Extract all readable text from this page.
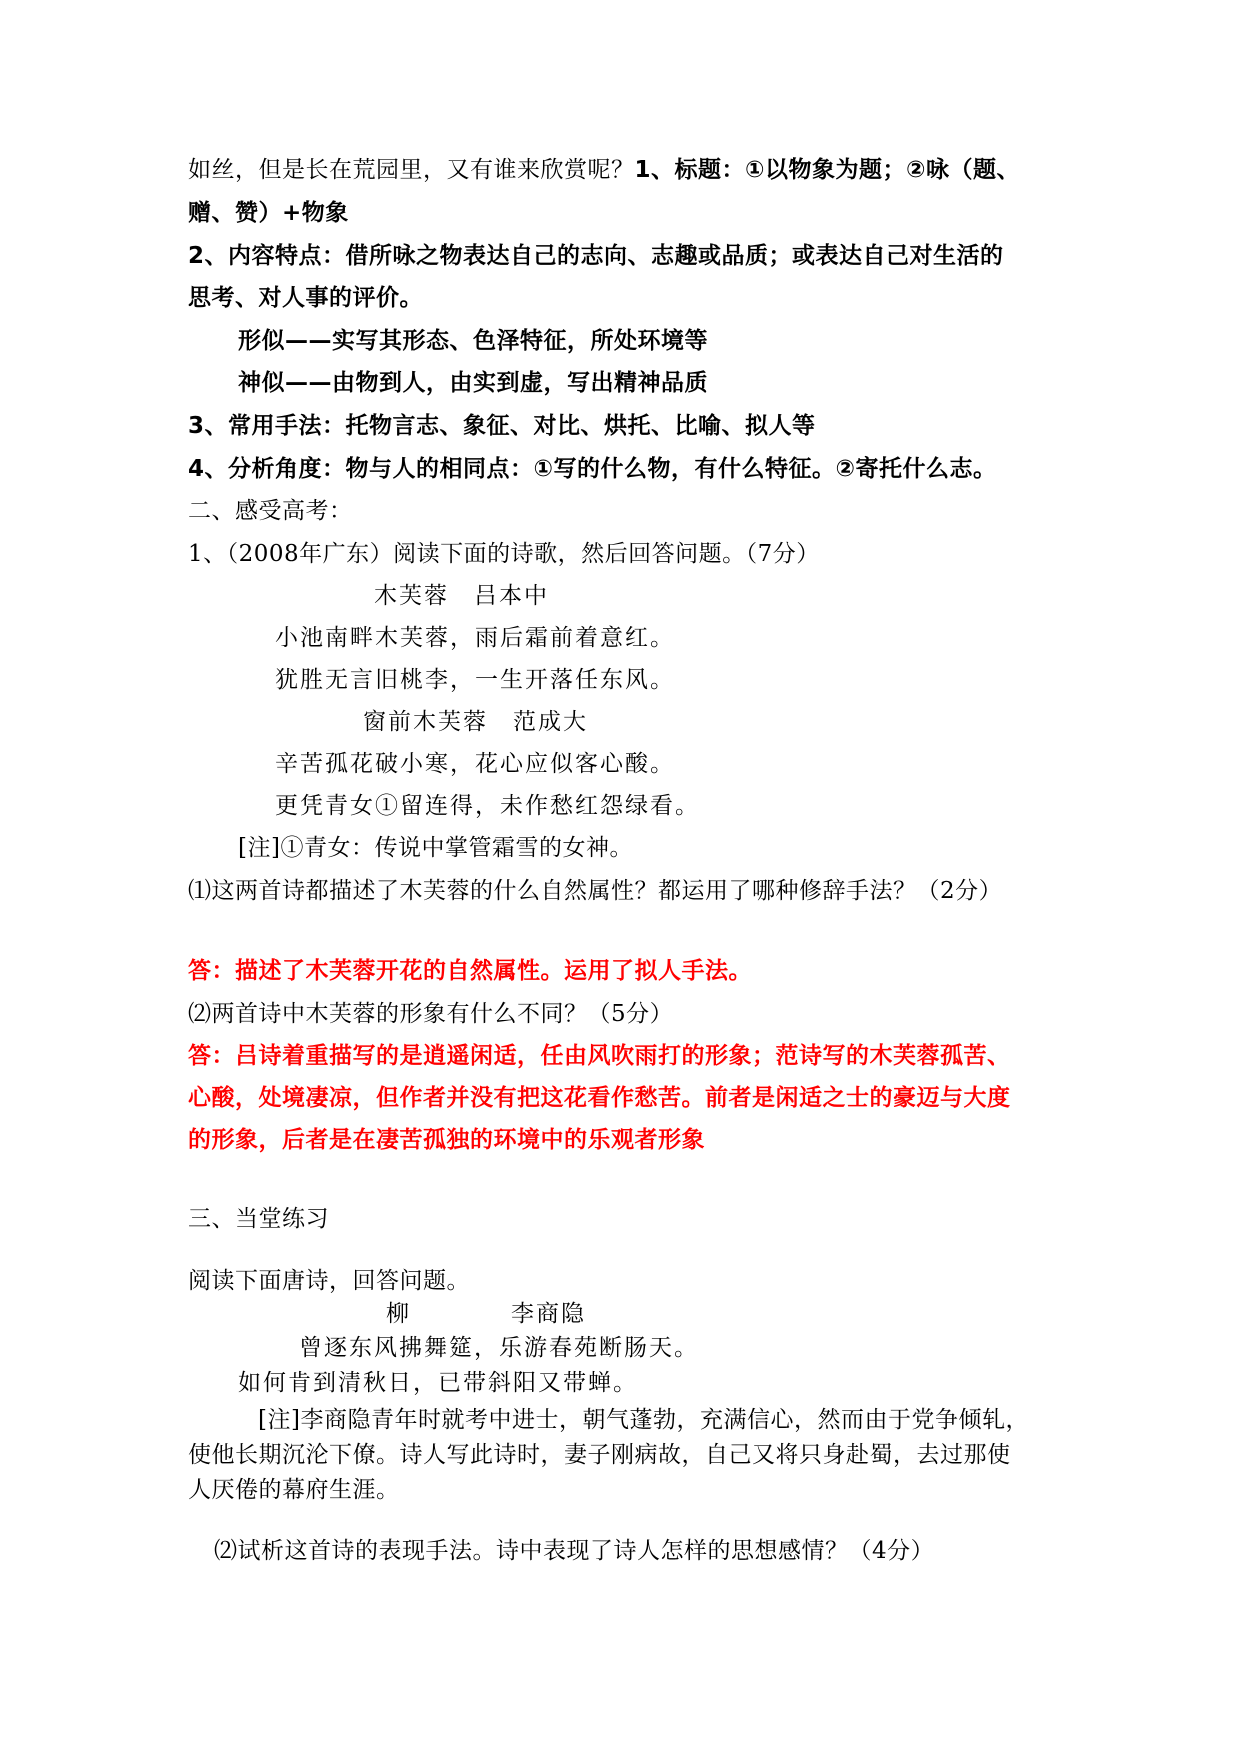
如丝，但是长在荒园里，又有谁来欣赏呢？1、标题：①以物象为题；②咏（题、
赠、赞）+物象
2、内容特点：借所咏之物表达自己的志向、志趣或品质；或表达自己对生活的
思考、对人事的评价。
形似——实写其形态、色泽特征，所处环境等
神似——由物到人，由实到虚，写出精神品质
3、常用手法：托物言志、象征、对比、烘托、比喻、拟人等
4、分析角度：物与人的相同点：①写的什么物，有什么特征。②寄托什么志。
二、感受高考：
1、（2008年广东）阅读下面的诗歌，然后回答问题。（7分）
木芙蓉　吕本中
小池南畔木芙蓉，雨后霜前着意红。
犹胜无言旧桃李，一生开落任东风。
窗前木芙蓉　范成大
辛苦孤花破小寒，花心应似客心酸。
更凭青女①留连得，未作愁红怨绿看。
[注]①青女：传说中掌管霜雪的女神。
⑴这两首诗都描述了木芙蓉的什么自然属性？都运用了哪种修辞手法？（2分）
答：描述了木芙蓉开花的自然属性。运用了拟人手法。
⑵两首诗中木芙蓉的形象有什么不同？（5分）
答：吕诗着重描写的是逍遥闲适，任由风吹雨打的形象；范诗写的木芙蓉孤苦、
心酸，处境凄凉，但作者并没有把这花看作愁苦。前者是闲适之士的豪迈与大度
的形象，后者是在凄苦孤独的环境中的乐观者形象
三、当堂练习
阅读下面唐诗，回答问题。
柳	李商隐
曾逐东风拂舞筵，乐游春苑断肠天。
如何肯到清秋日，已带斜阳又带蝉。
[注]李商隐青年时就考中进士，朝气蓬勃，充满信心，然而由于党争倾轧，
使他长期沉沦下僚。诗人写此诗时，妻子刚病故，自己又将只身赴蜀，去过那使
人厌倦的幕府生涯。
⑵试析这首诗的表现手法。诗中表现了诗人怎样的思想感情？（4分）
